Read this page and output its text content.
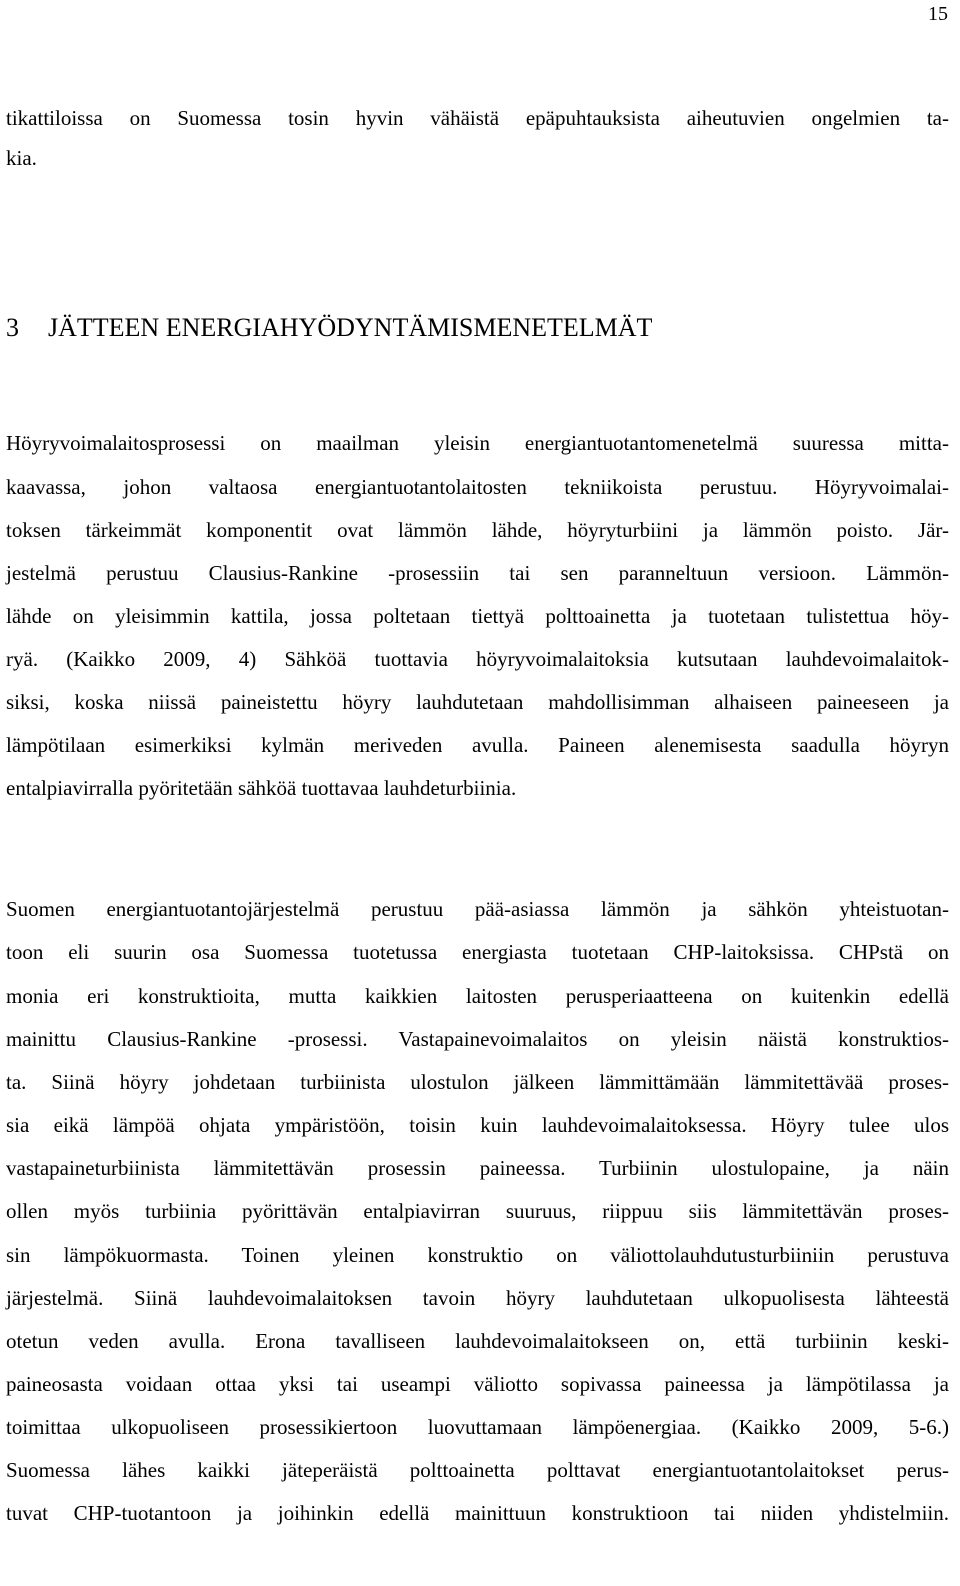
15
tikattiloissa on Suomessa tosin hyvin vähäistä epäpuhtauksista aiheutuvien ongelmien ta-
kia.
3 JÄTTEEN ENERGIAHYÖDYNTÄMISMENETELMÄT
Höyryvoimalaitosprosessi on maailman yleisin energiantuotantomenetelmä suuressa mitta-
kaavassa, johon valtaosa energiantuotantolaitosten tekniikoista perustuu. Höyryvoimalai-
toksen tärkeimmät komponentit ovat lämmön lähde, höyryturbiini ja lämmön poisto. Jär-
jestelmä perustuu Clausius-Rankine -prosessiin tai sen paranneltuun versioon. Lämmön-
lähde on yleisimmin kattila, jossa poltetaan tiettyä polttoainetta ja tuotetaan tulistettua höy-
ryä. (Kaikko 2009, 4) Sähköä tuottavia höyryvoimalaitoksia kutsutaan lauhdevoimalaitok-
siksi, koska niissä paineistettu höyry lauhdutetaan mahdollisimman alhaiseen paineeseen ja
lämpötilaan esimerkiksi kylmän meriveden avulla. Paineen alenemisesta saadulla höyryn
entalpiavirralla pyöritetään sähköä tuottavaa lauhdeturbiinia.
Suomen energiantuotantojärjestelmä perustuu pää-asiassa lämmön ja sähkön yhteistuotan-
toon eli suurin osa Suomessa tuotetussa energiasta tuotetaan CHP-laitoksissa. CHPstä on
monia eri konstruktioita, mutta kaikkien laitosten perusperiaatteena on kuitenkin edellä
mainittu Clausius-Rankine -prosessi. Vastapainevoimalaitos on yleisin näistä konstruktios-
ta. Siinä höyry johdetaan turbiinista ulostulon jälkeen lämmittämään lämmitettävää proses-
sia eikä lämpöä ohjata ympäristöön, toisin kuin lauhdevoimalaitoksessa. Höyry tulee ulos
vastapaineturbiinista lämmitettävän prosessin paineessa. Turbiinin ulostulopaine, ja näin
ollen myös turbiinia pyörittävän entalpiavirran suuruus, riippuu siis lämmitettävän proses-
sin lämpökuormasta. Toinen yleinen konstruktio on väliottolauhdutusturbiiniin perustuva
järjestelmä. Siinä lauhdevoimalaitoksen tavoin höyry lauhdutetaan ulkopuolisesta lähteestä
otetun veden avulla. Erona tavalliseen lauhdevoimalaitokseen on, että turbiinin keski-
paineosasta voidaan ottaa yksi tai useampi väliotto sopivassa paineessa ja lämpötilassa ja
toimittaa ulkopuoliseen prosessikiertoon luovuttamaan lämpöenergiaa. (Kaikko 2009, 5-6.)
Suomessa lähes kaikki jäteperäistä polttoainetta polttavat energiantuotantolaitokset perus-
tuvat CHP-tuotantoon ja joihinkin edellä mainittuun konstruktioon tai niiden yhdistelmiin.
